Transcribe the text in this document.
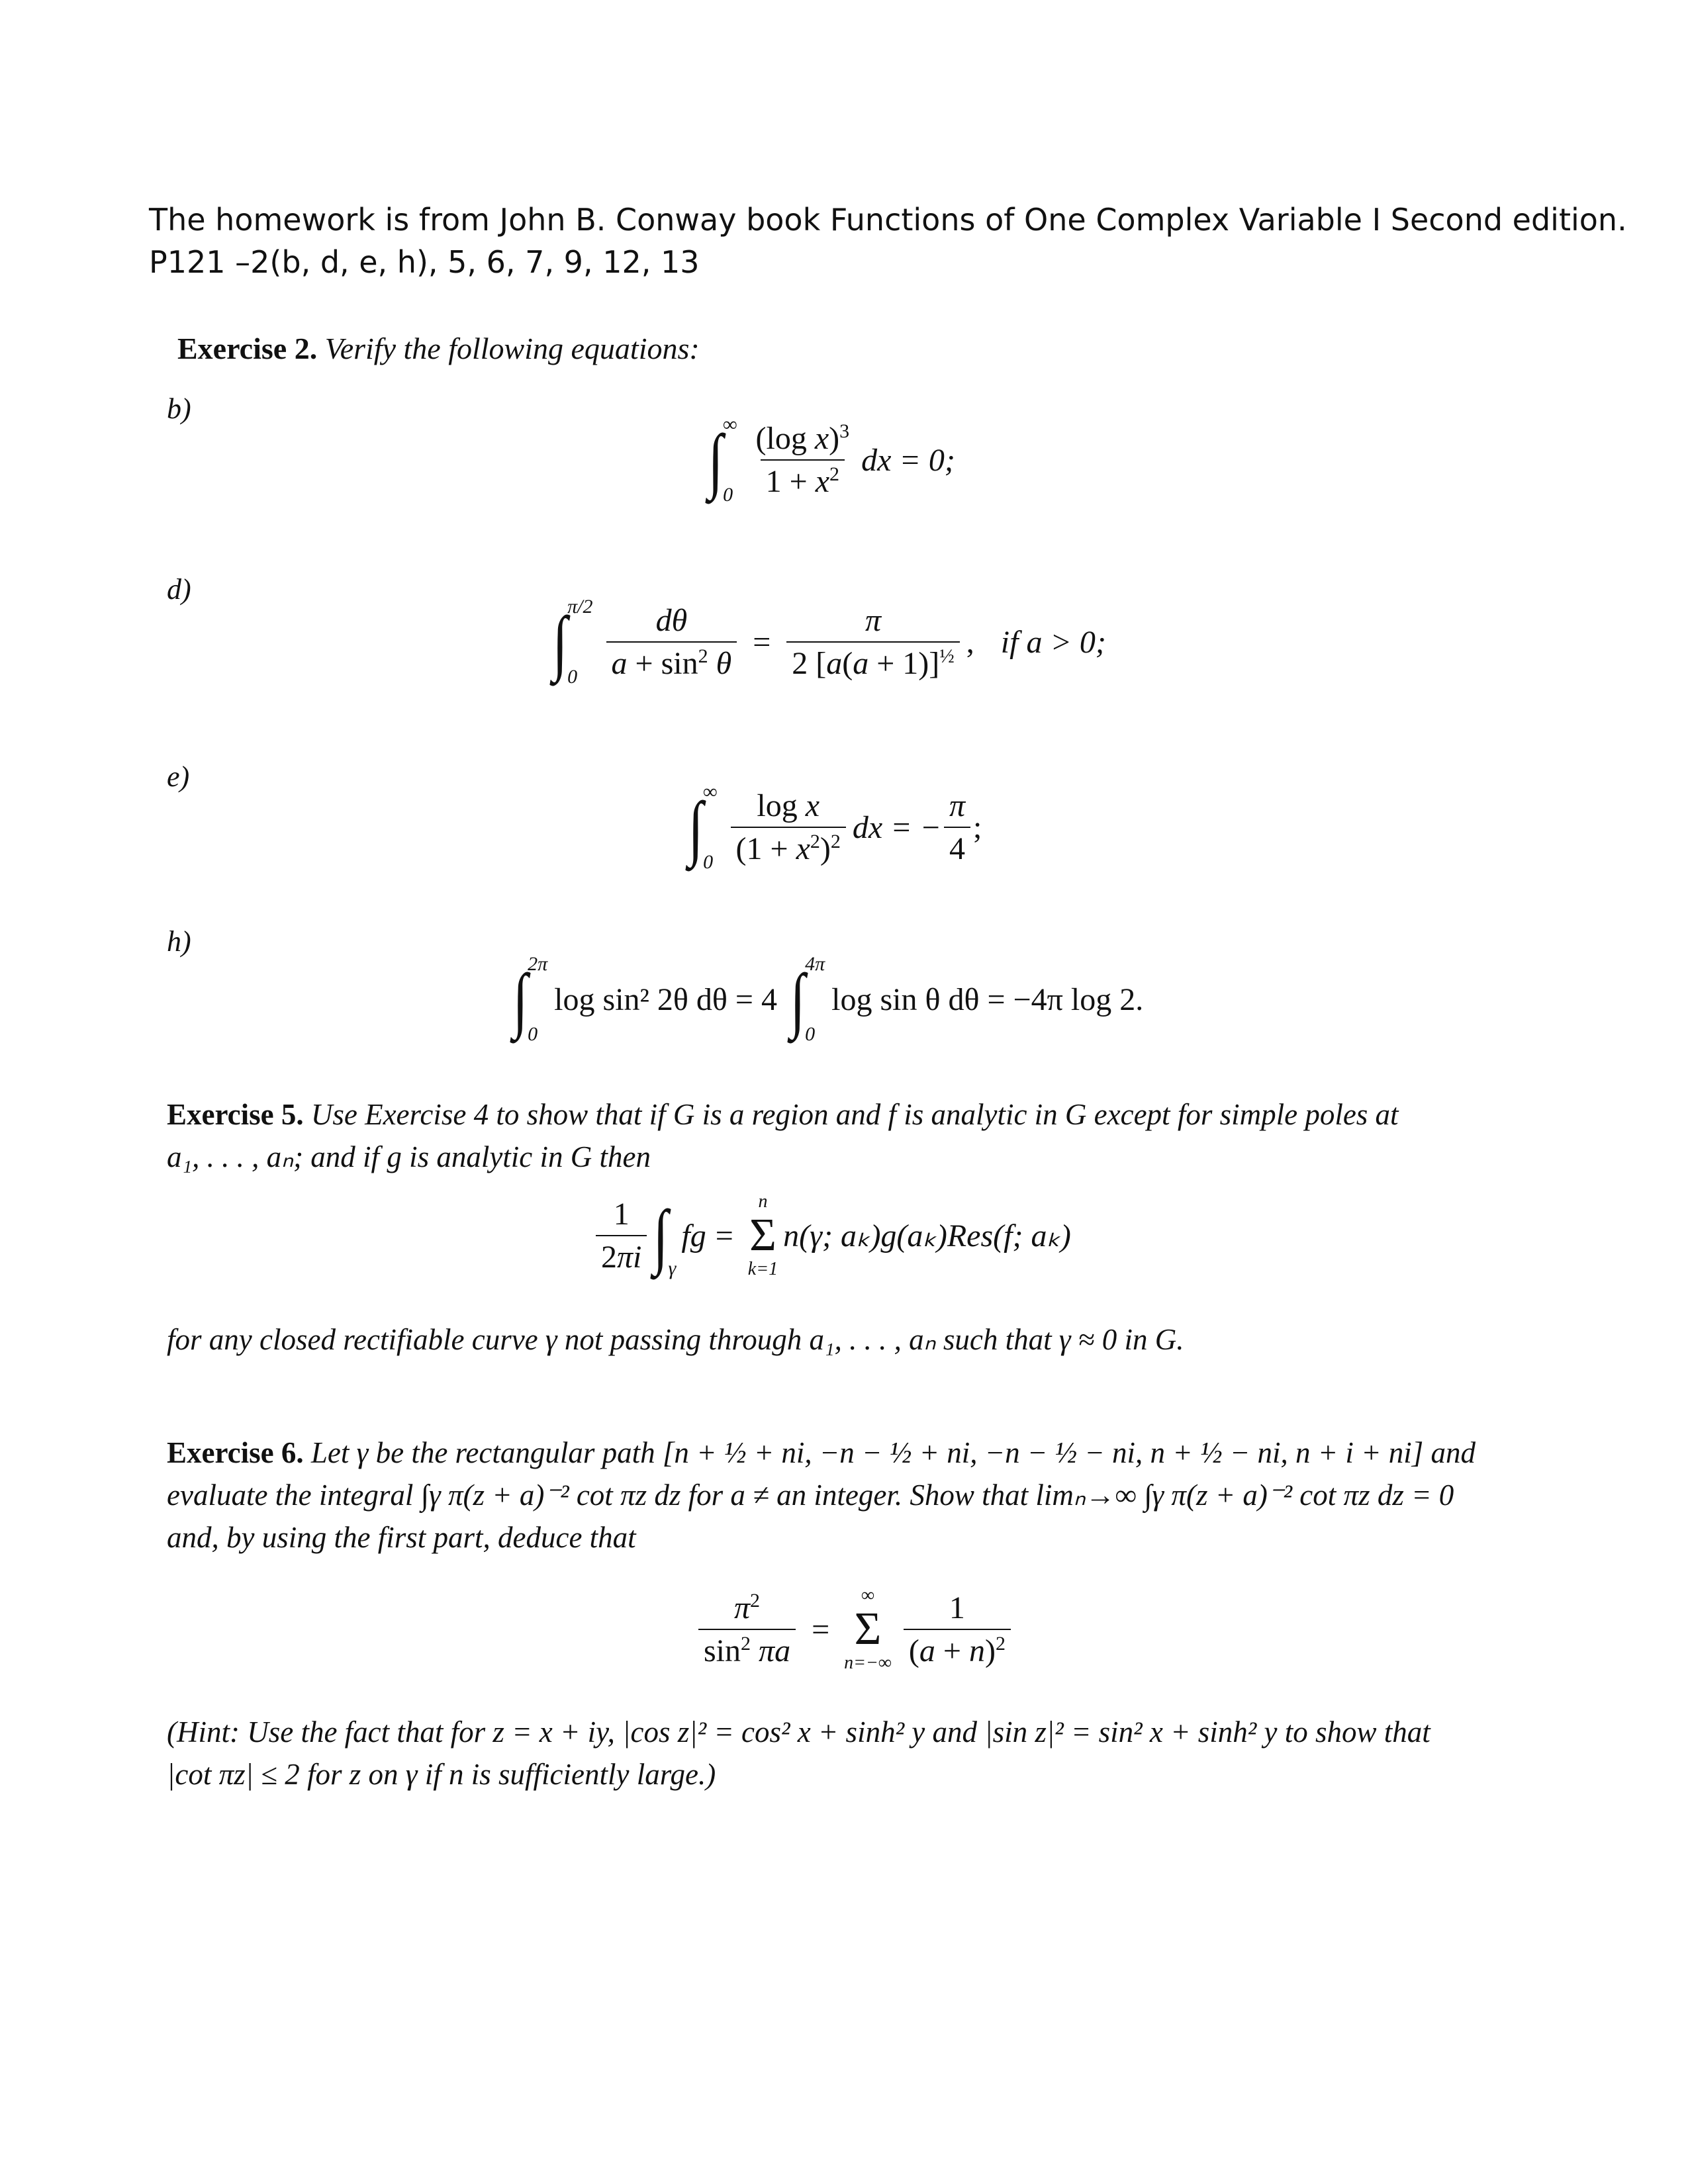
The homework is from John B. Conway book Functions of One Complex Variable I Second edition.
P121 –2(b, d, e, h), 5, 6, 7, 9, 12, 13
Exercise 2. Verify the following equations:
b)
∫ ∞
$0 \frac{(\log x)^3}{1 + x^2}$ dx = 0;
d)
∫ π/2
$0 \frac{d\theta}{a + \sin^2 \theta} = \frac{\pi}{2 [a(a + 1)]^{\frac{1}{2}}}$ , if a > 0;
e)
∫ ∞
$0 \frac{\text{log x}}{(1 + x^2)^2}$ dx = − $\frac{\pi}{4}$ ;
h)
∫ 2π
0
log sin² 2θ dθ = 4 ∫ 4π
0
log sin θ dθ = −4π log 2.
Exercise 5. Use Exercise 4 to show that if G is a region and f is analytic in G except for simple poles at
a₁, . . . , aₙ; and if g is analytic in G then
$\frac{1}{2\pi i}$ ∫ γ
fg =
n
Σ
k=1
n(γ; aₖ)g(aₖ)Res(f; aₖ)
for any closed rectifiable curve γ not passing through a₁, . . . , aₙ such that γ ≈ 0 in G.
Exercise 6. Let γ be the rectangular path [n + ½ + ni, −n − ½ + ni, −n − ½ − ni, n + ½ − ni, n + i + ni] and
evaluate the integral ∫γ π(z + a)⁻² cot πz dz for a ≠ an integer. Show that limₙ→∞ ∫γ π(z + a)⁻² cot πz dz = 0
and, by using the first part, deduce that
$\frac{\pi^2}{\sin^2 \pi a}$ =
∞
Σ
$n=-\infty \frac{1}{(a + n)^2}$
(Hint: Use the fact that for z = x + iy, |cos z|² = cos² x + sinh² y and |sin z|² = sin² x + sinh² y to show that
|cot πz| ≤ 2 for z on γ if n is sufficiently large.)
